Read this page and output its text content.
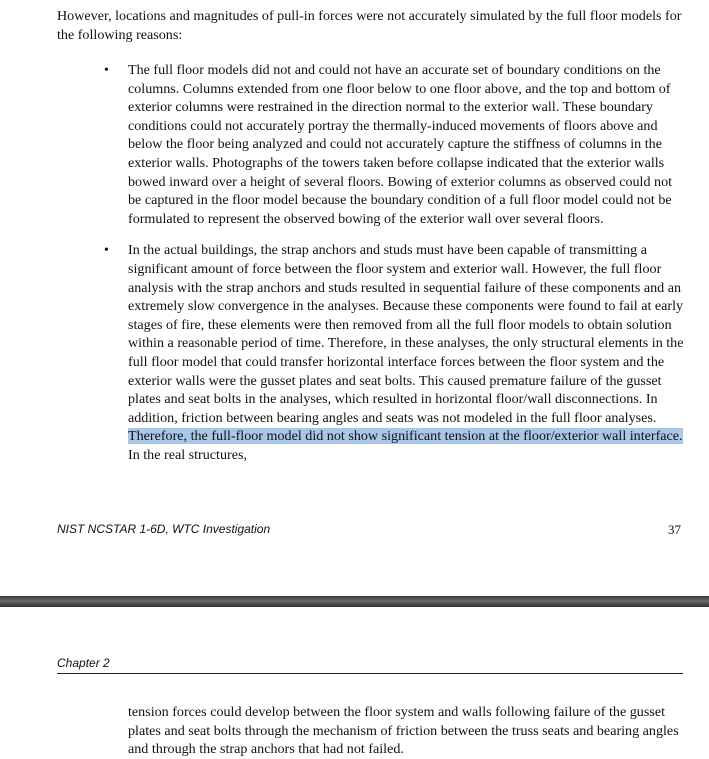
However, locations and magnitudes of pull-in forces were not accurately simulated by the full floor models for the following reasons:

• The full floor models did not and could not have an accurate set of boundary conditions on the columns. Columns extended from one floor below to one floor above, and the top and bottom of exterior columns were restrained in the direction normal to the exterior wall. These boundary conditions could not accurately portray the thermally-induced movements of floors above and below the floor being analyzed and could not accurately capture the stiffness of columns in the exterior walls. Photographs of the towers taken before collapse indicated that the exterior walls bowed inward over a height of several floors. Bowing of exterior columns as observed could not be captured in the floor model because the boundary condition of a full floor model could not be formulated to represent the observed bowing of the exterior wall over several floors.

• In the actual buildings, the strap anchors and studs must have been capable of transmitting a significant amount of force between the floor system and exterior wall. However, the full floor analysis with the strap anchors and studs resulted in sequential failure of these components and an extremely slow convergence in the analyses. Because these components were found to fail at early stages of fire, these elements were then removed from all the full floor models to obtain solution within a reasonable period of time. Therefore, in these analyses, the only structural elements in the full floor model that could transfer horizontal interface forces between the floor system and the exterior walls were the gusset plates and seat bolts. This caused premature failure of the gusset plates and seat bolts in the analyses, which resulted in horizontal floor/wall disconnections. In addition, friction between bearing angles and seats was not modeled in the full floor analyses. Therefore, the full-floor model did not show significant tension at the floor/exterior wall interface. In the real structures,

NIST NCSTAR 1-6D, WTC Investigation	37
Chapter 2

tension forces could develop between the floor system and walls following failure of the gusset plates and seat bolts through the mechanism of friction between the truss seats and bearing angles and through the strap anchors that had not failed.
